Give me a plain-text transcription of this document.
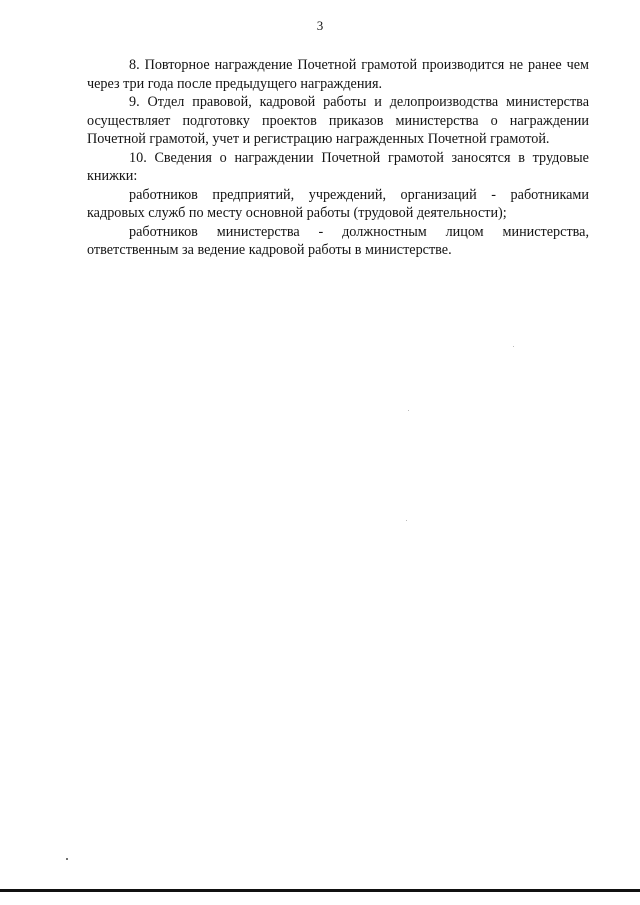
3

8. Повторное награждение Почетной грамотой производится не ранее чем через три года после предыдущего награждения.

9. Отдел правовой, кадровой работы и делопроизводства министерства осуществляет подготовку проектов приказов министерства о награждении Почетной грамотой, учет и регистрацию награжденных Почетной грамотой.

10. Сведения о награждении Почетной грамотой заносятся в трудовые книжки:

работников предприятий, учреждений, организаций - работниками кадровых служб по месту основной работы (трудовой деятельности);

работников министерства - должностным лицом министерства, ответственным за ведение кадровой работы в министерстве.
